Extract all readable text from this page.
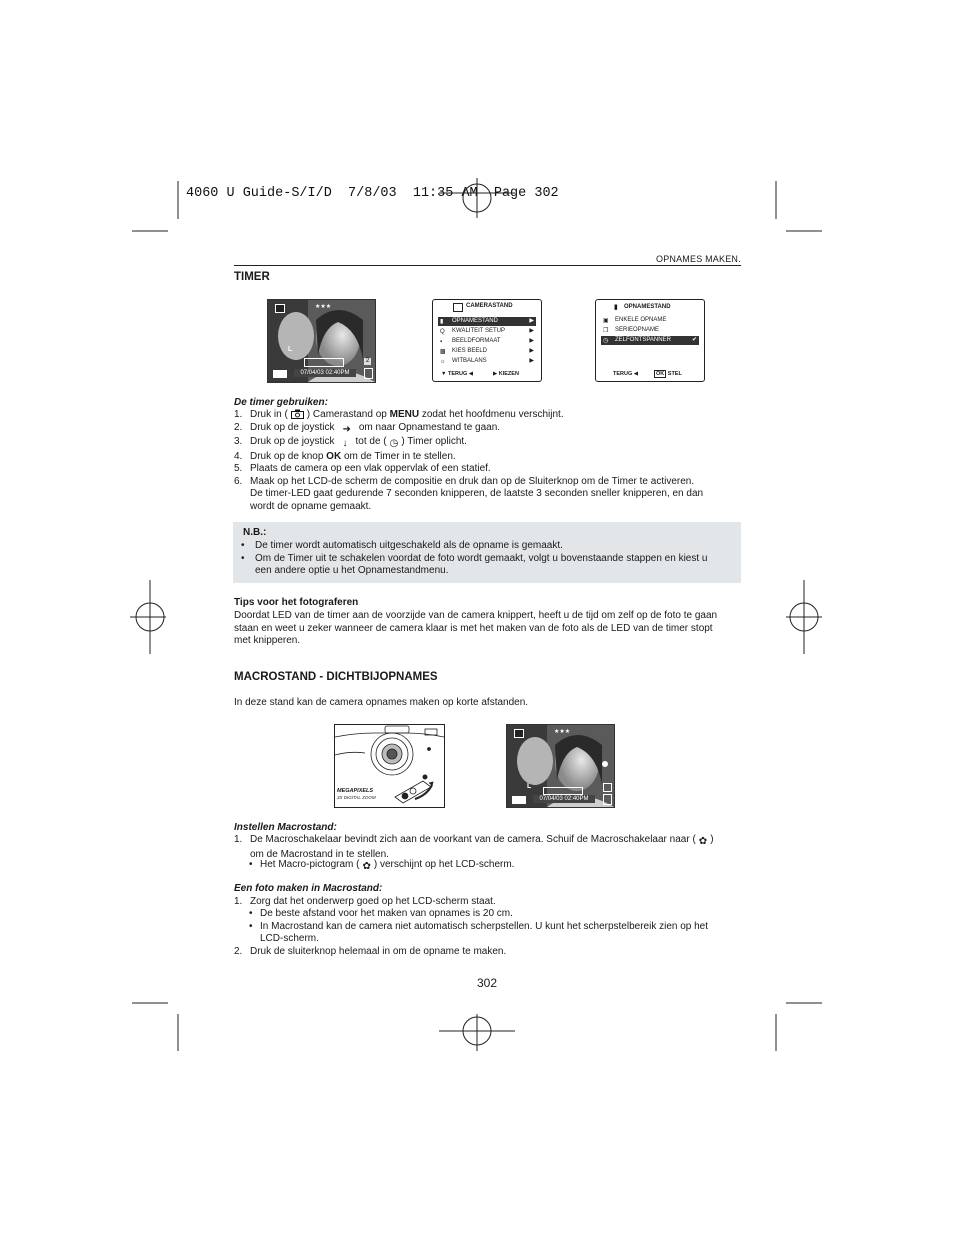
4060 U Guide-S/I/D  7/8/03  11:35 AM  Page 302
OPNAMES MAKEN.
TIMER
★★★
L
2
07/04/03 02:40PM
CAMERASTAND
▮	OPNAMESTAND	▶
Q	KWALITEIT SETUP	▶
▪	BEELDFORMAAT	▶
▩ KIES BEELD	▶
☼ WITBALANS	▶
▼ TERUG ◀	▶ KIEZEN
▮ OPNAMESTAND
▣ ENKELE OPNAME
❐ SERIEOPNAME
◷ ZELFONTSPANNER	✔
TERUG ◀	OK STEL
De timer gebruiken:
1. Druk in ( ) Camerastand op MENU zodat het hoofdmenu verschijnt.
2. Druk op de joystick ➜ om naar Opnamestand te gaan.
3. Druk op de joystick ↓ tot de ( ◷ ) Timer oplicht.
4. Druk op de knop OK om de Timer in te stellen.
5. Plaats de camera op een vlak oppervlak of een statief.
6. Maak op het LCD-de scherm de compositie en druk dan op de Sluiterknop om de Timer te activeren.
De timer-LED gaat gedurende 7 seconden knipperen, de laatste 3 seconden sneller knipperen, en dan
wordt de opname gemaakt.
N.B.:
• De timer wordt automatisch uitgeschakeld als de opname is gemaakt.
• Om de Timer uit te schakelen voordat de foto wordt gemaakt, volgt u bovenstaande stappen en kiest u
een andere optie u het Opnamestandmenu.
Tips voor het fotograferen
Doordat LED van de timer aan de voorzijde van de camera knippert, heeft u de tijd om zelf op de foto te gaan
staan en weet u zeker wanneer de camera klaar is met het maken van de foto als de LED van de timer stopt
met knipperen.
MACROSTAND - DICHTBIJOPNAMES
In deze stand kan de camera opnames maken op korte afstanden.
MEGAPIXELS
3X DIGITAL ZOOM
★★★
L
07/04/03 02:40PM
Instellen Macrostand:
1. De Macroschakelaar bevindt zich aan de voorkant van de camera. Schuif de Macroschakelaar naar ( ✿ )
om de Macrostand in te stellen.
• Het Macro-pictogram ( ✿ ) verschijnt op het LCD-scherm.
Een foto maken in Macrostand:
1. Zorg dat het onderwerp goed op het LCD-scherm staat.
• De beste afstand voor het maken van opnames is 20 cm.
• In Macrostand kan de camera niet automatisch scherpstellen. U kunt het scherpstelbereik zien op het
LCD-scherm.
2. Druk de sluiterknop helemaal in om de opname te maken.
302
